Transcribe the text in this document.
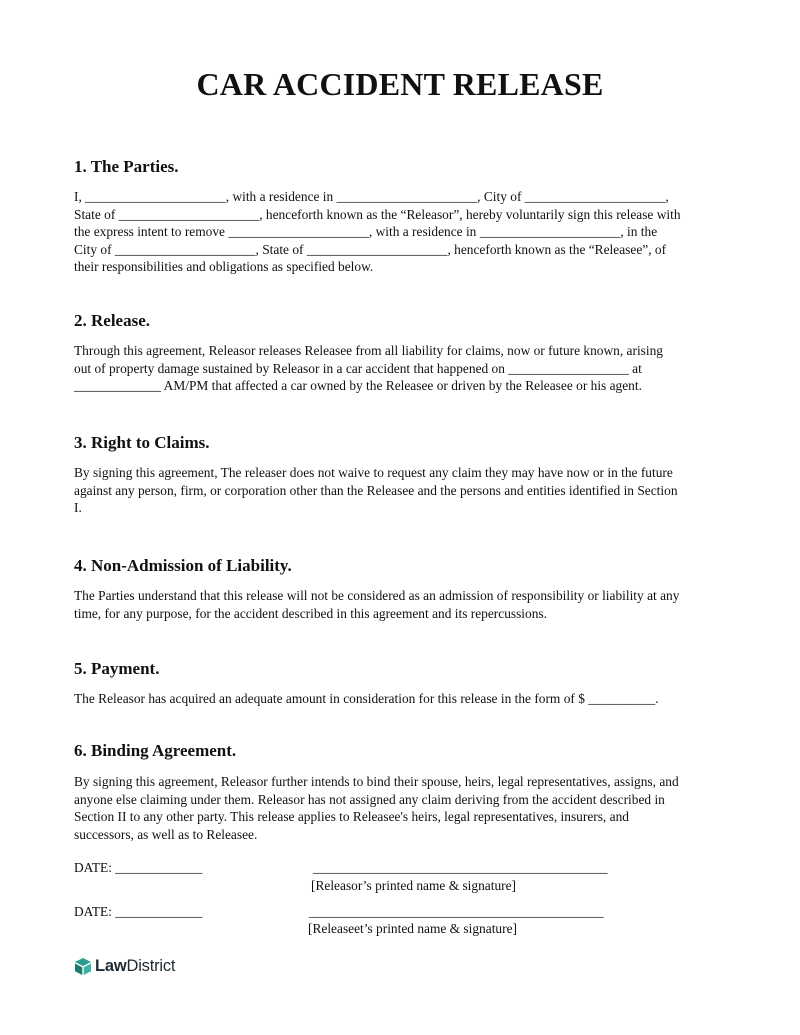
CAR ACCIDENT RELEASE
1. The Parties.
I, _____________________, with a residence in _____________________, City of _____________________,
State of _____________________, henceforth known as the “Releasor”, hereby voluntarily sign this release with
the express intent to remove _____________________, with a residence in _____________________, in the
City of _____________________, State of _____________________, henceforth known as the “Releasee”, of
their responsibilities and obligations as specified below.
2. Release.
Through this agreement, Releasor releases Releasee from all liability for claims, now or future known, arising
out of property damage sustained by Releasor in a car accident that happened on __________________ at
_____________ AM/PM that affected a car owned by the Releasee or driven by the Releasee or his agent.
3. Right to Claims.
By signing this agreement, The releaser does not waive to request any claim they may have now or in the future
against any person, firm, or corporation other than the Releasee and the persons and entities identified in Section
I.
4. Non-Admission of Liability.
The Parties understand that this release will not be considered as an admission of responsibility or liability at any
time, for any purpose, for the accident described in this agreement and its repercussions.
5. Payment.
The Releasor has acquired an adequate amount in consideration for this release in the form of $ __________.
6. Binding Agreement.
By signing this agreement, Releasor further intends to bind their spouse, heirs, legal representatives, assigns, and
anyone else claiming under them. Releasor has not assigned any claim deriving from the accident described in
Section II to any other party. This release applies to Releasee's heirs, legal representatives, insurers, and
successors, as well as to Releasee.
DATE: _____________	____________________________________________
[Releasor’s printed name & signature]
DATE: _____________	____________________________________________
[Releaseet’s printed name & signature]
LawDistrict
